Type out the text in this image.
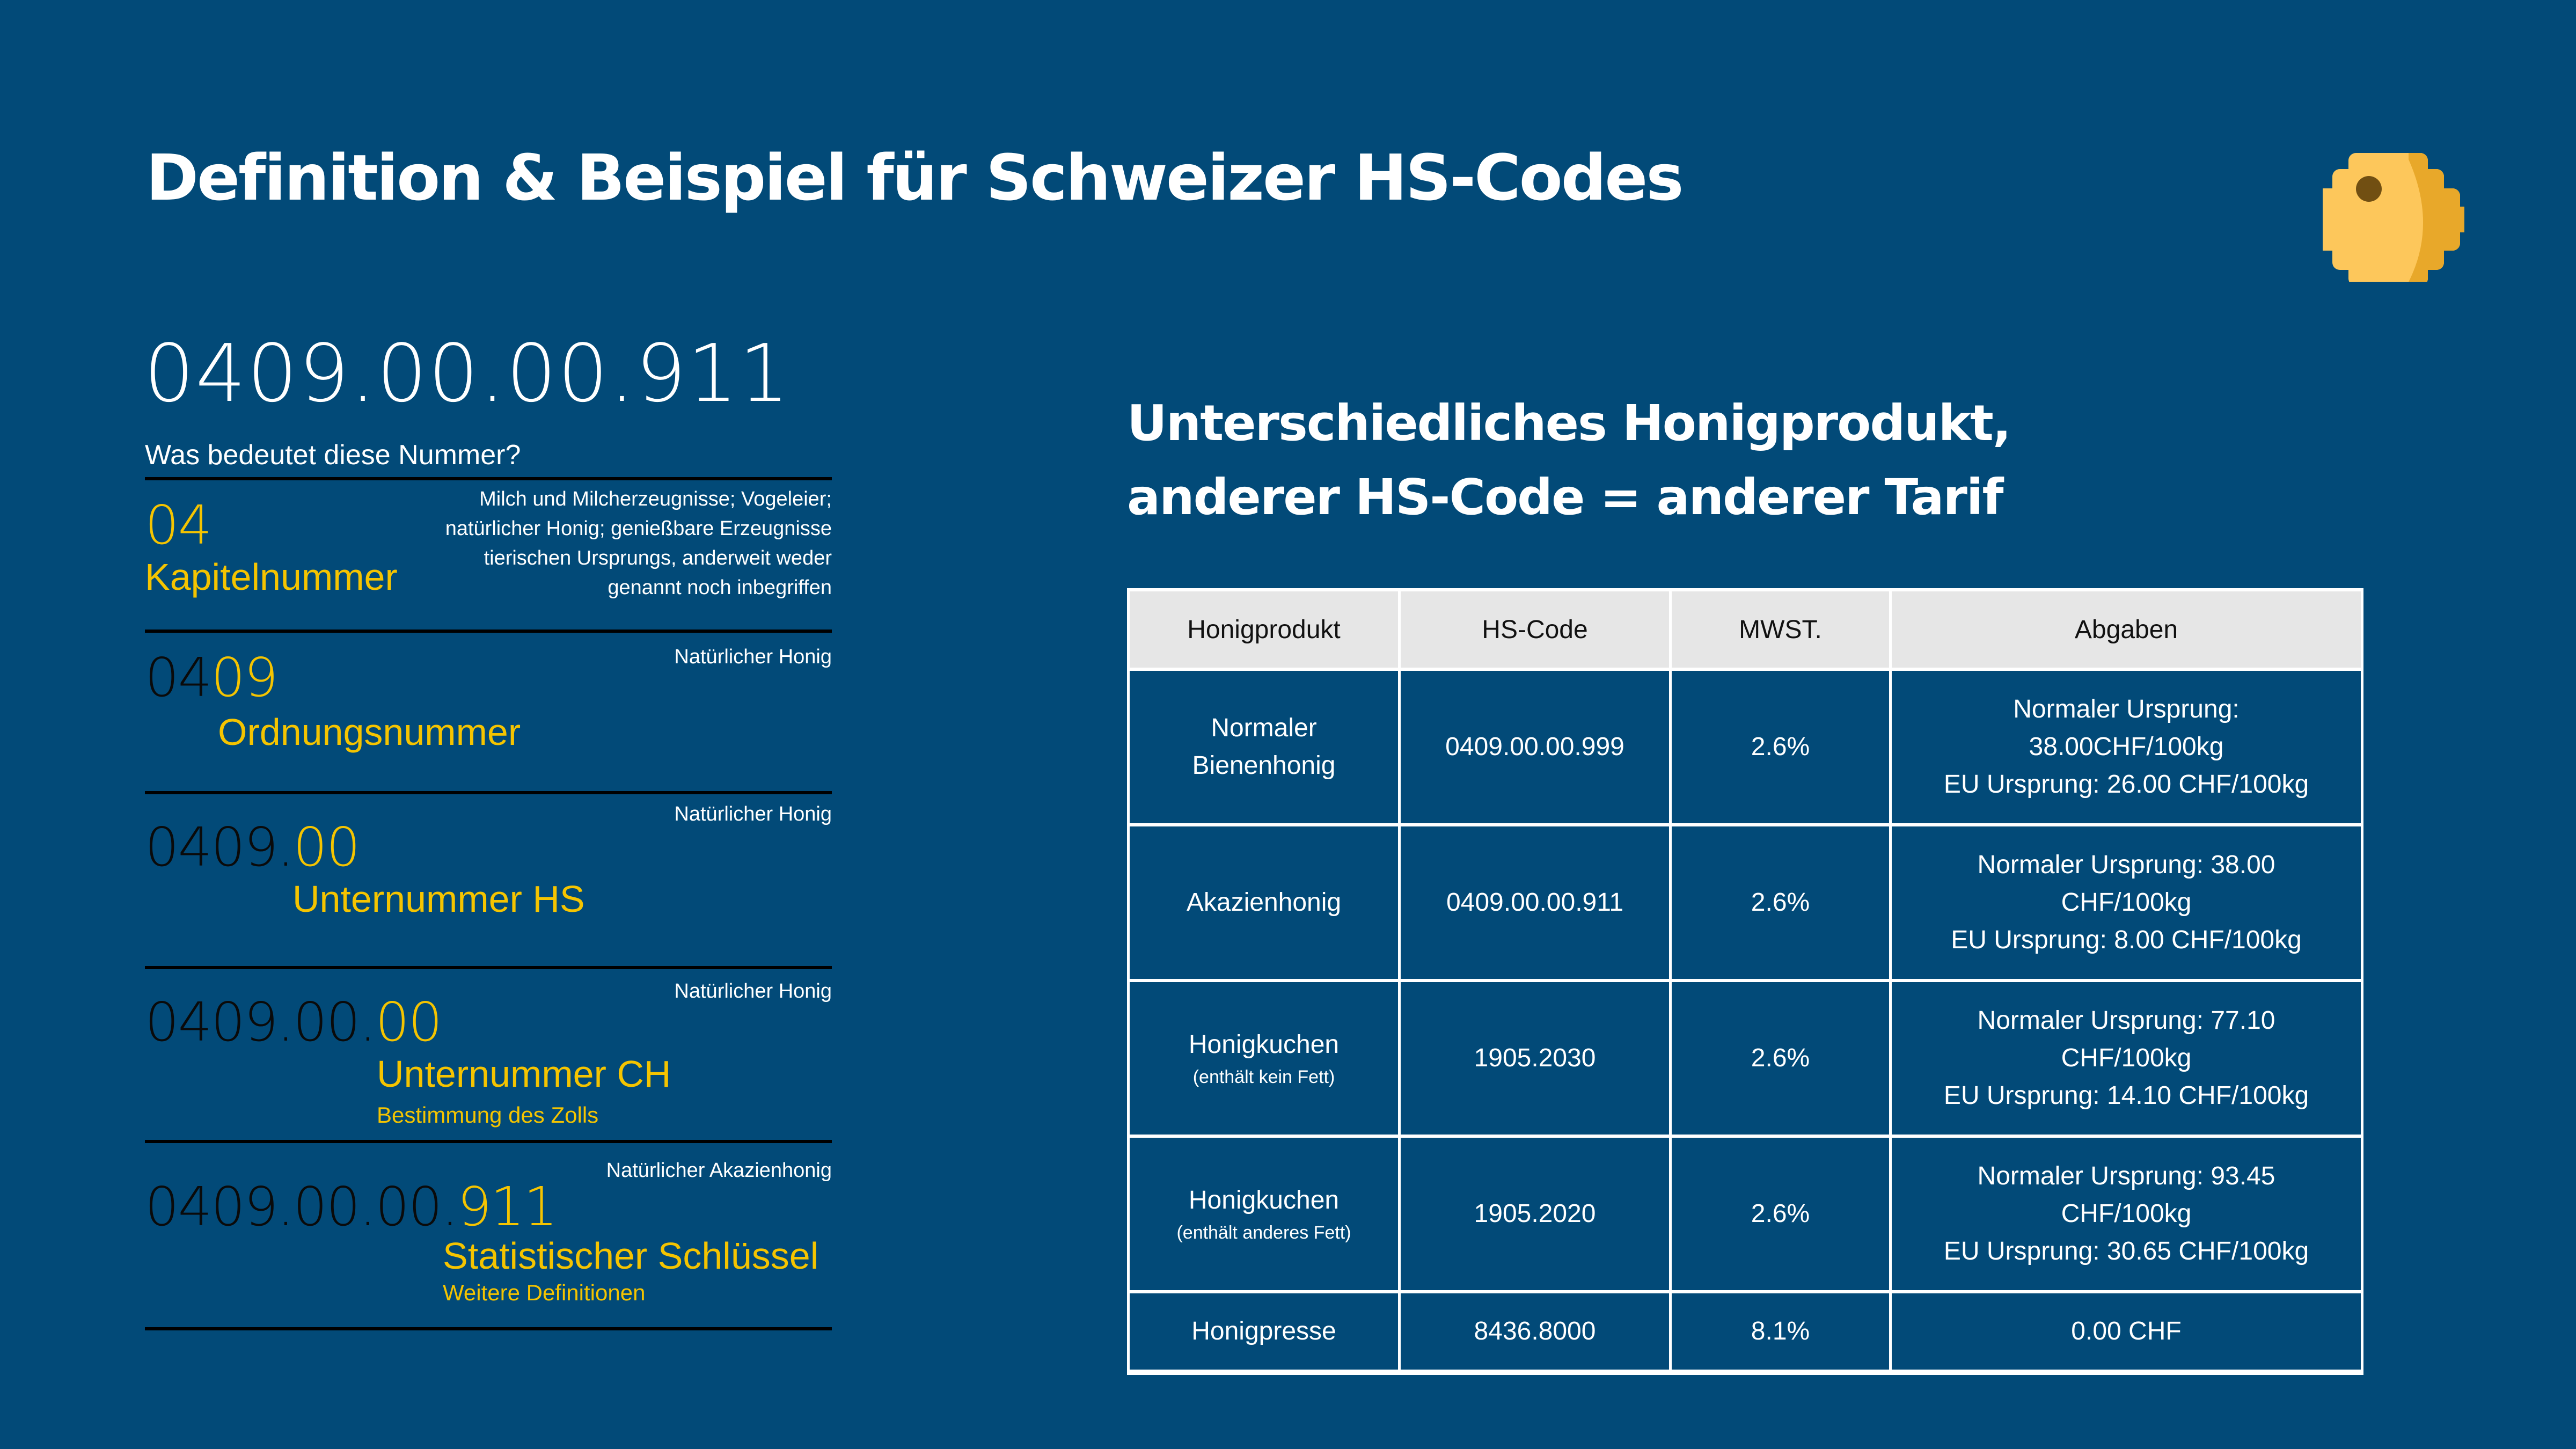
Definition & Beispiel für Schweizer HS-Codes
0409.00.00.911
Was bedeutet diese Nummer?
04
Kapitelnummer
Milch und Milcherzeugnisse; Vogeleier;
natürlicher Honig; genießbare Erzeugnisse
tierischen Ursprungs, anderweit weder
genannt noch inbegriffen
0409
Ordnungsnummer
Natürlicher Honig
0409.00
Unternummer HS
Natürlicher Honig
0409.00.00
Unternummer CH
Bestimmung des Zolls
Natürlicher Honig
0409.00.00.911
Statistischer Schlüssel
Weitere Definitionen
Natürlicher Akazienhonig
Unterschiedliches Honigprodukt,
anderer HS-Code = anderer Tarif
Honigprodukt	HS-Code	MWST.	Abgaben
Normaler
Bienenhonig	0409.00.00.999	2.6%	Normaler Ursprung:
38.00CHF/100kg
EU Ursprung: 26.00 CHF/100kg
Akazienhonig	0409.00.00.911	2.6%	Normaler Ursprung: 38.00
CHF/100kg
EU Ursprung: 8.00 CHF/100kg
Honigkuchen
(enthält kein Fett)	1905.2030	2.6%	Normaler Ursprung: 77.10
CHF/100kg
EU Ursprung: 14.10 CHF/100kg
Honigkuchen
(enthält anderes Fett)	1905.2020	2.6%	Normaler Ursprung: 93.45
CHF/100kg
EU Ursprung: 30.65 CHF/100kg
Honigpresse	8436.8000	8.1%	0.00 CHF
